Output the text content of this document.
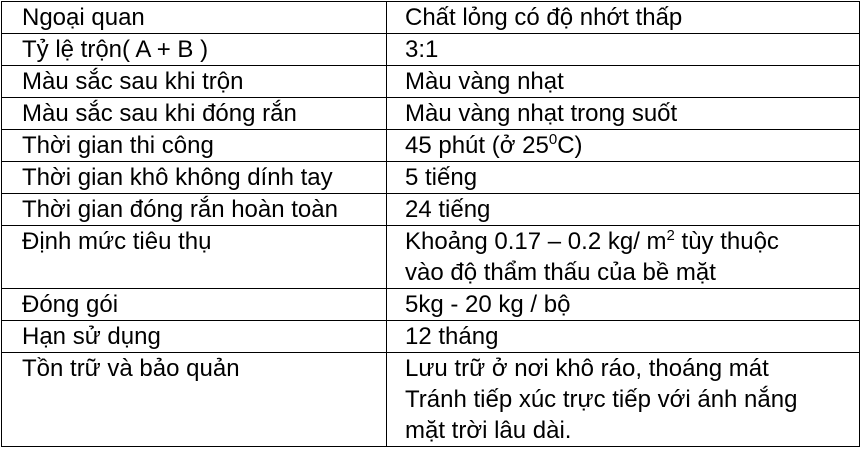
Ngoại quan	Chất lỏng có độ nhớt thấp
Tỷ lệ trộn( A + B )	3:1
Màu sắc sau khi trộn	Màu vàng nhạt
Màu sắc sau khi đóng rắn	Màu vàng nhạt trong suốt
Thời gian thi công	45 phút (ở $25^0C$)
Thời gian khô không dính tay	5 tiếng
Thời gian đóng rắn hoàn toàn	24 tiếng
Định mức tiêu thụ	Khoảng 0.17 – 0.2 kg/ $m^2$ tùy thuộc
vào độ thẩm thấu của bề mặt

Đóng gói	5kg - 20 kg / bộ
Hạn sử dụng	12 tháng
Tồn trữ và bảo quản	Lưu trữ ở nơi khô ráo, thoáng mát
Tránh tiếp xúc trực tiếp với ánh nắng
mặt trời lâu dài.
